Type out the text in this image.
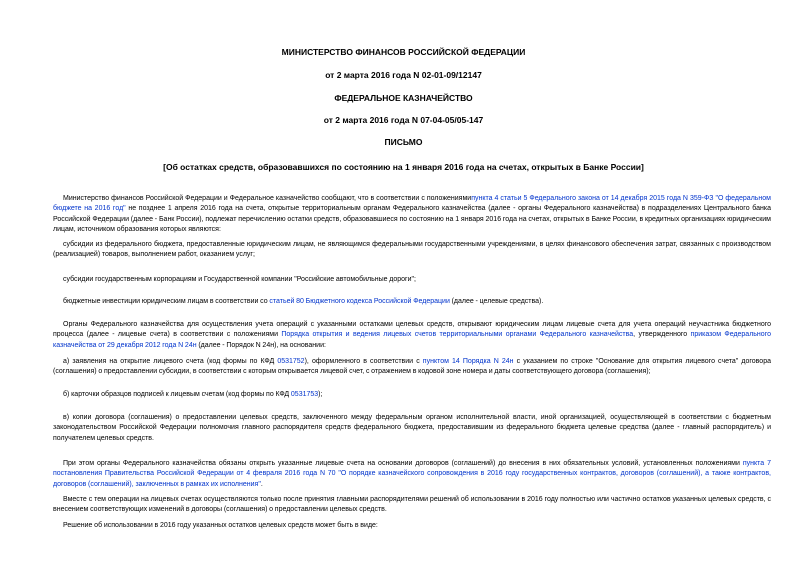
МИНИСТЕРСТВО ФИНАНСОВ РОССИЙСКОЙ ФЕДЕРАЦИИ
от 2 марта 2016 года N 02-01-09/12147
ФЕДЕРАЛЬНОЕ КАЗНАЧЕЙСТВО
от 2 марта 2016 года N 07-04-05/05-147
ПИСЬМО
[Об остатках средств, образовавшихся по состоянию на 1 января 2016 года на счетах, открытых в Банке России]
Министерство финансов Российской Федерации и Федеральное казначейство сообщают, что в соответствии с положениямипункта 4 статьи 5 Федерального закона от 14 декабря 2015 года N 359-ФЗ "О федеральном бюджете на 2016 год" не позднее 1 апреля 2016 года на счета, открытые территориальным органам Федерального казначейства (далее - органы Федерального казначейства) в подразделениях Центрального банка Российской Федерации (далее - Банк России), подлежат перечислению остатки средств, образовавшиеся по состоянию на 1 января 2016 года на счетах, открытых в Банке России, в кредитных организациях юридическим лицам, источником образования которых являются:
субсидии из федерального бюджета, предоставленные юридическим лицам, не являющимся федеральными государственными учреждениями, в целях финансового обеспечения затрат, связанных с производством (реализацией) товаров, выполнением работ, оказанием услуг;
субсидии государственным корпорациям и Государственной компании "Российские автомобильные дороги";
бюджетные инвестиции юридическим лицам в соответствии со статьей 80 Бюджетного кодекса Российской Федерации (далее - целевые средства).
Органы Федерального казначейства для осуществления учета операций с указанными остатками целевых средств, открывают юридическим лицам лицевые счета для учета операций неучастника бюджетного процесса (далее - лицевые счета) в соответствии с положениями Порядка открытия и ведения лицевых счетов территориальными органами Федерального казначейства, утвержденного приказом Федерального казначейства от 29 декабря 2012 года N 24н (далее - Порядок N 24н), на основании:
а) заявления на открытие лицевого счета (код формы по КФД 0531752), оформленного в соответствии с пунктом 14 Порядка N 24н с указанием по строке "Основание для открытия лицевого счета" договора (соглашения) о предоставлении субсидии, в соответствии с которым открывается лицевой счет, с отражением в кодовой зоне номера и даты соответствующего договора (соглашения);
б) карточки образцов подписей к лицевым счетам (код формы по КФД 0531753);
в) копии договора (соглашения) о предоставлении целевых средств, заключенного между федеральным органом исполнительной власти, иной организацией, осуществляющей в соответствии с бюджетным законодательством Российской Федерации полномочия главного распорядителя средств федерального бюджета, предоставившим из федерального бюджета целевые средства (далее - главный распорядитель) и получателем целевых средств.
При этом органы Федерального казначейства обязаны открыть указанные лицевые счета на основании договоров (соглашений) до внесения в них обязательных условий, установленных положениями пункта 7 постановления Правительства Российской Федерации от 4 февраля 2016 года N 70 "О порядке казначейского сопровождения в 2016 году государственных контрактов, договоров (соглашений), а также контрактов, договоров (соглашений), заключенных в рамках их исполнения".
Вместе с тем операции на лицевых счетах осуществляются только после принятия главными распорядителями решений об использовании в 2016 году полностью или частично остатков указанных целевых средств, с внесением соответствующих изменений в договоры (соглашения) о предоставлении целевых средств.
Решение об использовании в 2016 году указанных остатков целевых средств может быть в виде:
